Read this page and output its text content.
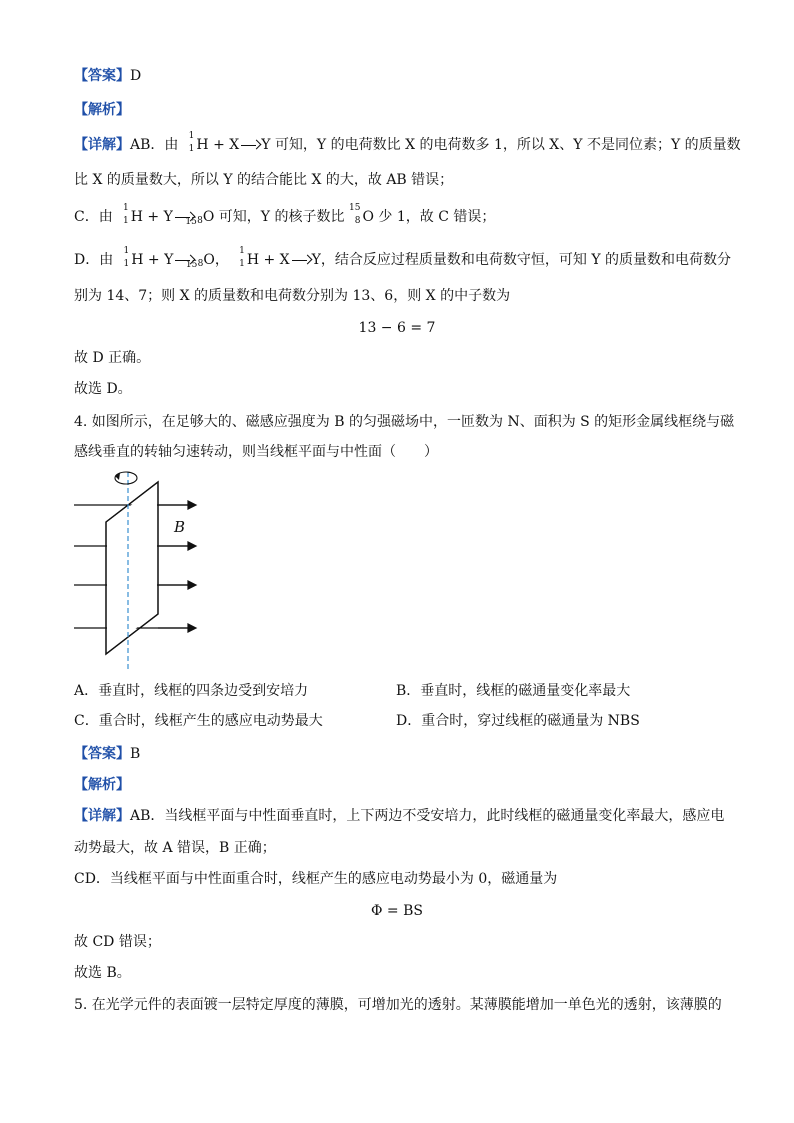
【答案】D
【解析】
【详解】AB．由
1
1 H + X Y 可知，Y 的电荷数比 X 的电荷数多 1，所以 X、Y 不是同位素；Y 的质量数
比 X 的质量数大，所以 Y 的结合能比 X 的大，故 AB 错误；
C．由
1
1 H + Y 15 8 O 可知，Y 的核子数比
15
8 O 少 1，故 C 错误；
D．由
1
1 H + Y 15 8 O，
1
1 H + X Y，结合反应过程质量数和电荷数守恒，可知 Y 的质量数和电荷数分
别为 14、7；则 X 的质量数和电荷数分别为 13、6，则 X 的中子数为
13 − 6 = 7
故 D 正确。
故选 D。
4. 如图所示，在足够大的、磁感应强度为 B 的匀强磁场中，一匝数为 N、面积为 S 的矩形金属线框绕与磁
感线垂直的转轴匀速转动，则当线框平面与中性面（　　）
B
A．垂直时，线框的四条边受到安培力	B．垂直时，线框的磁通量变化率最大
C．重合时，线框产生的感应电动势最大	D．重合时，穿过线框的磁通量为 NBS
【答案】B
【解析】
【详解】AB．当线框平面与中性面垂直时，上下两边不受安培力，此时线框的磁通量变化率最大，感应电
动势最大，故 A 错误，B 正确；
CD．当线框平面与中性面重合时，线框产生的感应电动势最小为 0，磁通量为
Φ = BS
故 CD 错误；
故选 B。
5. 在光学元件的表面镀一层特定厚度的薄膜，可增加光的透射。某薄膜能增加一单色光的透射，该薄膜的
